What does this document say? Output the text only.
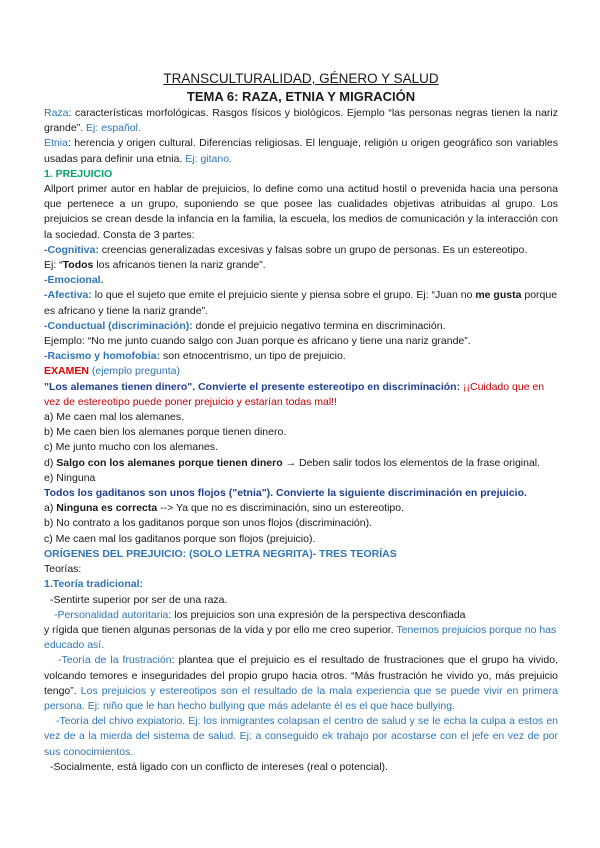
TRANSCULTURALIDAD, GÉNERO Y SALUD
TEMA 6: RAZA, ETNIA Y MIGRACIÓN

Raza: características morfológicas. Rasgos físicos y biológicos. Ejemplo “las personas negras tienen la nariz grande”. Ej: español.

Etnia: herencia y origen cultural. Diferencias religiosas. El lenguaje, religión u origen geográfico son variables usadas para definir una etnia. Ej: gitano.

1. PREJUICIO

Allport primer autor en hablar de prejuicios, lo define como una actitud hostil o prevenida hacia una persona que pertenece a un grupo, suponiendo se que posee las cualidades objetivas atribuidas al grupo. Los prejuicios se crean desde la infancia en la familia, la escuela, los medios de comunicación y la interacción con la sociedad. Consta de 3 partes:

-Cognitiva: creencias generalizadas excesivas y falsas sobre un grupo de personas. Es un estereotipo.

Ej: “Todos los africanos tienen la nariz grande”.

-Emocional.

-Afectiva: lo que el sujeto que emite el prejuicio siente y piensa sobre el grupo. Ej: “Juan no me gusta porque es africano y tiene la nariz grande”.

-Conductual (discriminación): donde el prejuicio negativo termina en discriminación.

Ejemplo: “No me junto cuando salgo con Juan porque es africano y tiene una nariz grande”.

-Racismo y homofobia: son etnocentrismo, un tipo de prejuicio.

EXAMEN (ejemplo pregunta)

"Los alemanes tienen dinero". Convierte el presente estereotipo en discriminación: ¡¡Cuidado que en vez de estereotipo puede poner prejuicio y estarían todas mal!!

a) Me caen mal los alemanes.

b) Me caen bien los alemanes porque tienen dinero.

c) Me junto mucho con los alemanes.

d) Salgo con los alemanes porque tienen dinero → Deben salir todos los elementos de la frase original.

e) Ninguna

Todos los gaditanos son unos flojos ("etnia"). Convierte la siguiente discriminación en prejuicio.

a) Ninguna es correcta --> Ya que no es discriminación, sino un estereotipo.

b) No contrato a los gaditanos porque son unos flojos (discriminación).

c) Me caen mal los gaditanos porque son flojos (prejuicio).

ORÍGENES DEL PREJUICIO: (SOLO LETRA NEGRITA)- TRES TEORÍAS

Teorías:

1.Teoría tradicional:

-Sentirte superior por ser de una raza.

-Personalidad autoritaria: los prejuicios son una expresión de la perspectiva desconfiada

y rígida que tienen algunas personas de la vida y por ello me creo superior. Tenemos prejuicios porque no has educado así.

-Teoría de la frustración: plantea que el prejuicio es el resultado de frustraciones que el grupo ha vivido, volcando temores e inseguridades del propio grupo hacia otros. “Más frustración he vivido yo, más prejuicio tengo”. Los prejuicios y estereotipos son el resultado de la mala experiencia que se puede vivir en primera persona. Ej: niño que le han hecho bullying que más adelante él es el que hace bullying.

-Teoría del chivo expiatorio. Ej: los inmigrantes colapsan el centro de salud y se le echa la culpa a estos en vez de a la mierda del sistema de salud. Ej: a conseguido ek trabajo por acostarse con el jefe en vez de por sus conocimientos.

-Socialmente, está ligado con un conflicto de intereses (real o potencial).
